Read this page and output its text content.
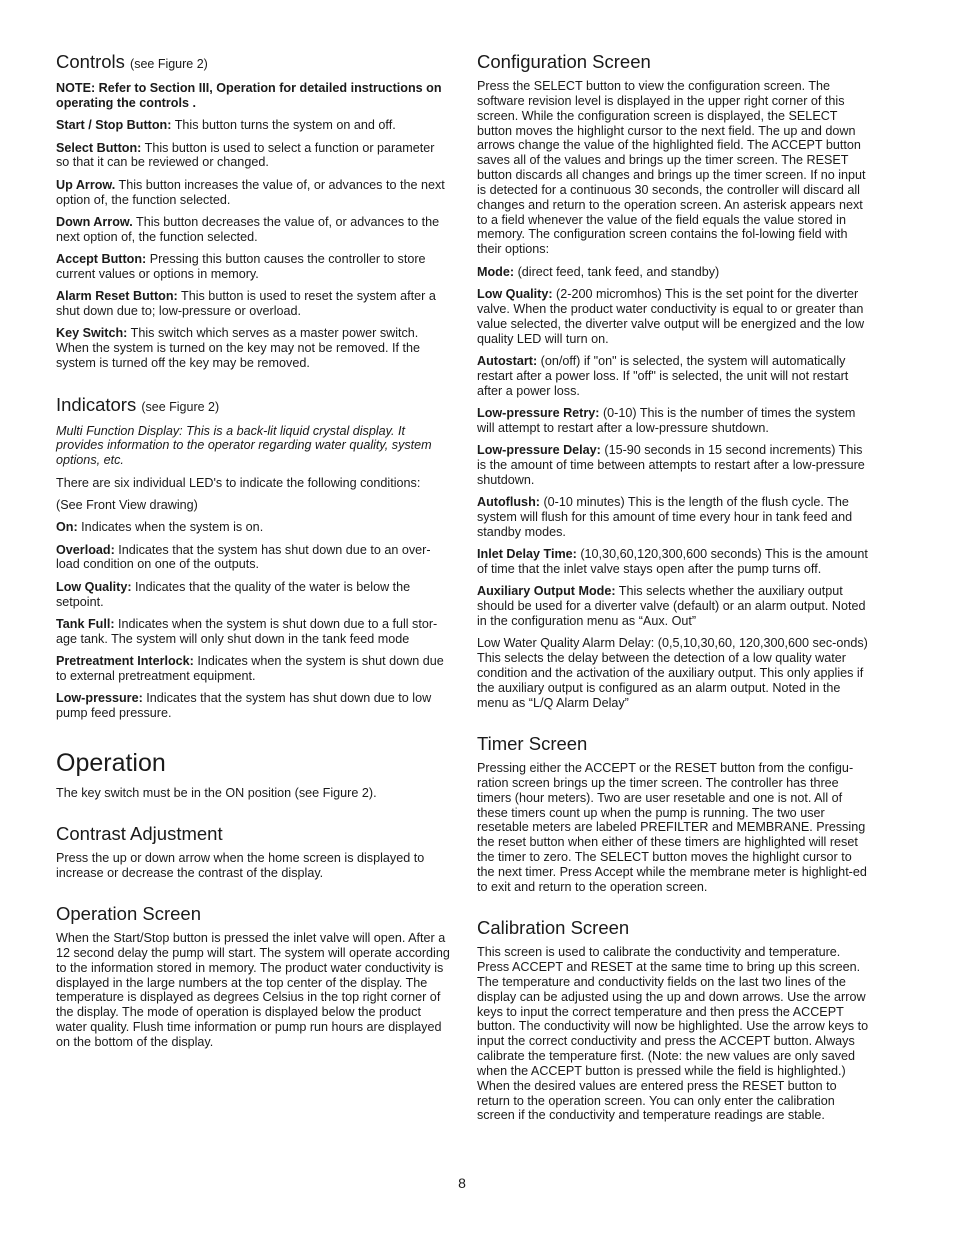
Controls (see Figure 2)

NOTE: Refer to Section III, Operation for detailed instructions on operating the controls .

Start / Stop Button: This button turns the system on and off.

Select Button: This button is used to select a function or parameter so that it can be reviewed or changed.

Up Arrow. This button increases the value of, or advances to the next option of, the function selected.

Down Arrow. This button decreases the value of, or advances to the next option of, the function selected.

Accept Button: Pressing this button causes the controller to store current values or options in memory.

Alarm Reset Button: This button is used to reset the system after a shut down due to; low-pressure or overload.

Key Switch: This switch which serves as a master power switch. When the system is turned on the key may not be removed. If the system is turned off the key may be removed.

Indicators (see Figure 2)

Multi Function Display: This is a back-lit liquid crystal display. It provides information to the operator regarding water quality, system options, etc.

There are six individual LED's to indicate the following conditions:

(See Front View drawing)

On: Indicates when the system is on.

Overload: Indicates that the system has shut down due to an over-load condition on one of the outputs.

Low Quality: Indicates that the quality of the water is below the setpoint.

Tank Full: Indicates when the system is shut down due to a full stor-age tank. The system will only shut down in the tank feed mode

Pretreatment Interlock: Indicates when the system is shut down due to external pretreatment equipment.

Low-pressure: Indicates that the system has shut down due to low pump feed pressure.

Operation

The key switch must be in the ON position (see Figure 2).

Contrast Adjustment

Press the up or down arrow when the home screen is displayed to increase or decrease the contrast of the display.

Operation Screen

When the Start/Stop button is pressed the inlet valve will open. After a 12 second delay the pump will start. The system will operate according to the information stored in memory. The product water conductivity is displayed in the large numbers at the top center of the display. The temperature is displayed as degrees Celsius in the top right corner of the display. The mode of operation is displayed below the product water quality. Flush time information or pump run hours are displayed on the bottom of the display.

Configuration Screen

Press the SELECT button to view the configuration screen. The software revision level is displayed in the upper right corner of this screen. While the configuration screen is displayed, the SELECT button moves the highlight cursor to the next field. The up and down arrows change the value of the highlighted field. The ACCEPT button saves all of the values and brings up the timer screen. The RESET button discards all changes and brings up the timer screen. If no input is detected for a continuous 30 seconds, the controller will discard all changes and return to the operation screen. An asterisk appears next to a field whenever the value of the field equals the value stored in memory. The configuration screen contains the fol-lowing field with their options:

Mode: (direct feed, tank feed, and standby)

Low Quality: (2-200 micromhos) This is the set point for the diverter valve. When the product water conductivity is equal to or greater than value selected, the diverter valve output will be energized and the low quality LED will turn on.

Autostart: (on/off) if "on" is selected, the system will automatically restart after a power loss. If "off" is selected, the unit will not restart after a power loss.

Low-pressure Retry: (0-10) This is the number of times the system will attempt to restart after a low-pressure shutdown.

Low-pressure Delay: (15-90 seconds in 15 second increments) This is the amount of time between attempts to restart after a low-pressure shutdown.

Autoflush: (0-10 minutes) This is the length of the flush cycle. The system will flush for this amount of time every hour in tank feed and standby modes.

Inlet Delay Time: (10,30,60,120,300,600 seconds) This is the amount of time that the inlet valve stays open after the pump turns off.

Auxiliary Output Mode: This selects whether the auxiliary output should be used for a diverter valve (default) or an alarm output. Noted in the configuration menu as “Aux. Out”

Low Water Quality Alarm Delay: (0,5,10,30,60, 120,300,600 sec-onds) This selects the delay between the detection of a low quality water condition and the activation of the auxiliary output. This only applies if the auxiliary output is configured as an alarm output. Noted in the menu as “L/Q Alarm Delay”

Timer Screen

Pressing either the ACCEPT or the RESET button from the configu-ration screen brings up the timer screen. The controller has three timers (hour meters). Two are user resetable and one is not. All of these timers count up when the pump is running. The two user resetable meters are labeled PREFILTER and MEMBRANE. Pressing the reset button when either of these timers are highlighted will reset the timer to zero. The SELECT button moves the highlight cursor to the next timer. Press Accept while the membrane meter is highlight-ed to exit and return to the operation screen.

Calibration Screen

This screen is used to calibrate the conductivity and temperature. Press ACCEPT and RESET at the same time to bring up this screen. The temperature and conductivity fields on the last two lines of the display can be adjusted using the up and down arrows. Use the arrow keys to input the correct temperature and then press the ACCEPT button. The conductivity will now be highlighted. Use the arrow keys to input the correct conductivity and press the ACCEPT button. Always calibrate the temperature first. (Note: the new values are only saved when the ACCEPT button is pressed while the field is highlighted.) When the desired values are entered press the RESET button to return to the operation screen. You can only enter the calibration screen if the conductivity and temperature readings are stable.

8
